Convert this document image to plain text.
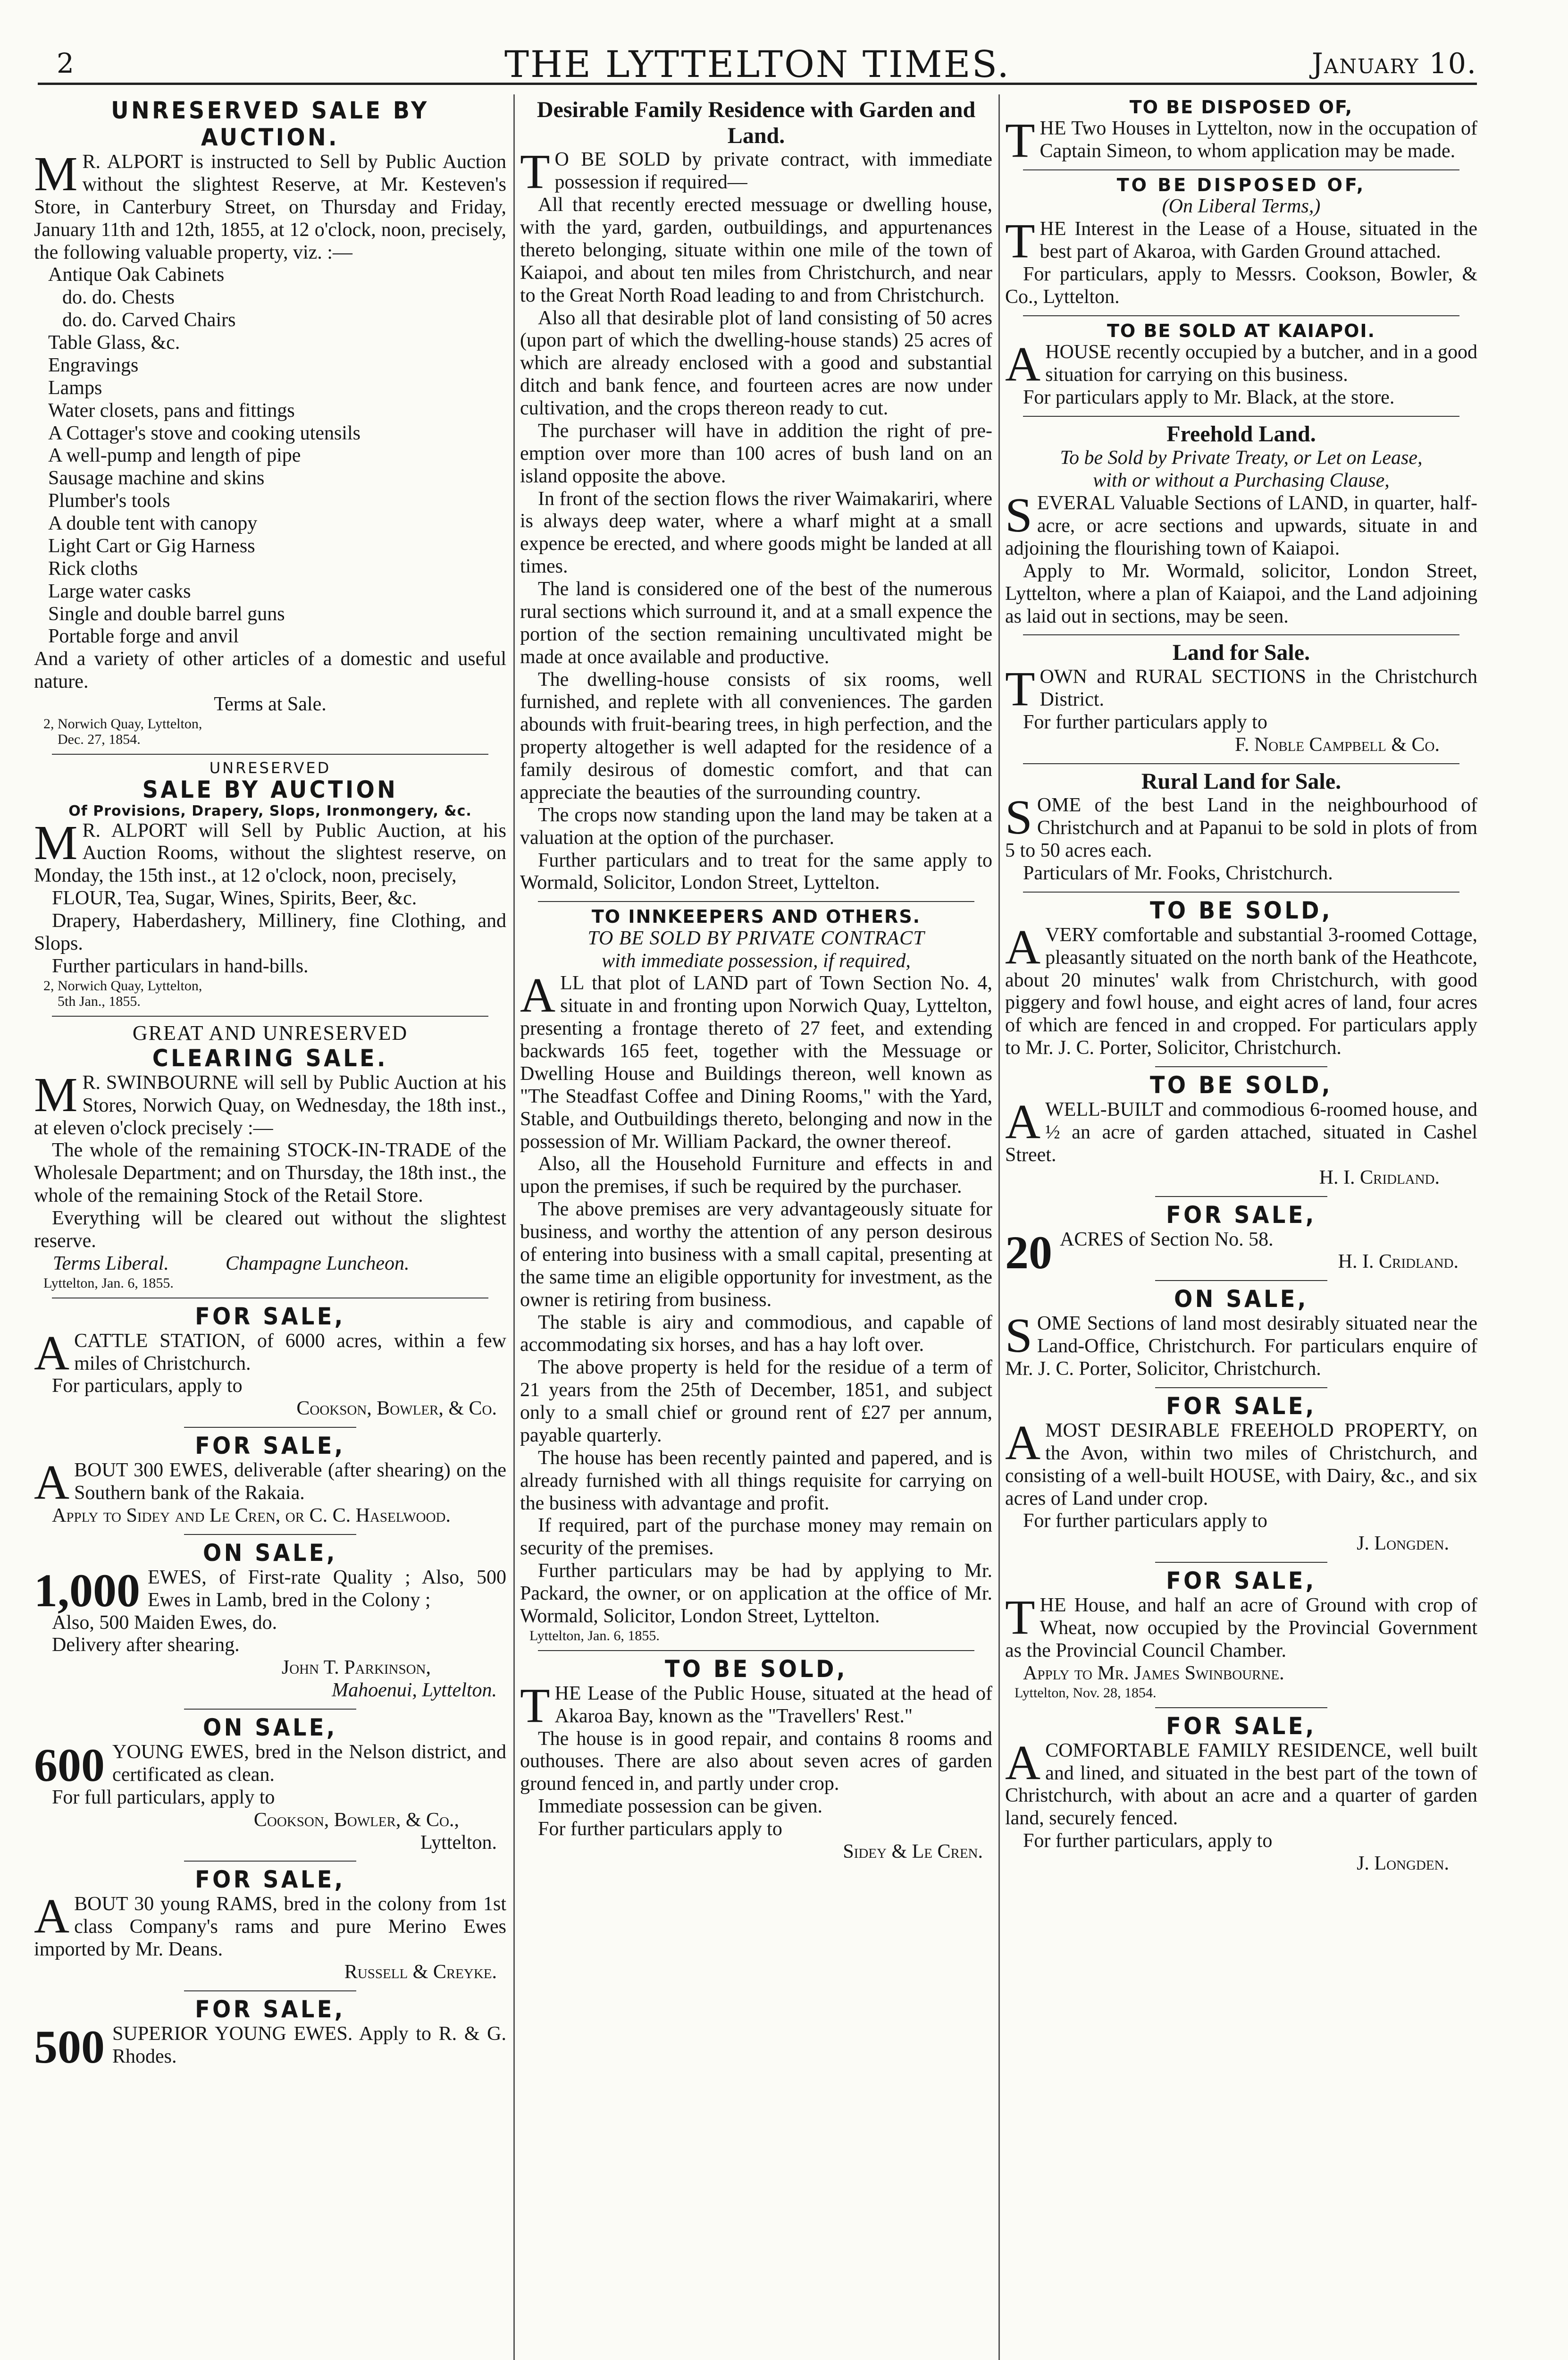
2	THE LYTTELTON TIMES.	January 10.
UNRESERVED SALE BY AUCTION.
M R. ALPORT is instructed to Sell by Public Auction without the slightest Reserve, at Mr. Kesteven's Store, in Canterbury Street, on Thursday and Friday, January 11th and 12th, 1855, at 12 o'clock, noon, precisely, the following valuable property, viz. :—

Antique Oak Cabinets
do. do. Chests
do. do. Carved Chairs
Table Glass, &c.
Engravings
Lamps
Water closets, pans and fittings
A Cottager's stove and cooking utensils
A well-pump and length of pipe
Sausage machine and skins
Plumber's tools
A double tent with canopy
Light Cart or Gig Harness
Rick cloths
Large water casks
Single and double barrel guns
Portable forge and anvil

And a variety of other articles of a domestic and useful nature.

Terms at Sale.
2, Norwich Quay, Lyttelton,
Dec. 27, 1854.
UNRESERVED
SALE BY AUCTION
Of Provisions, Drapery, Slops, Ironmongery, &c.
M R. ALPORT will Sell by Public Auction, at his Auction Rooms, without the slightest reserve, on Monday, the 15th inst., at 12 o'clock, noon, precisely,

FLOUR, Tea, Sugar, Wines, Spirits, Beer, &c.

Drapery, Haberdashery, Millinery, fine Clothing, and Slops.

Further particulars in hand-bills.

2, Norwich Quay, Lyttelton,
5th Jan., 1855.
GREAT AND UNRESERVED
CLEARING SALE.
M R. SWINBOURNE will sell by Public Auction at his Stores, Norwich Quay, on Wednesday, the 18th inst., at eleven o'clock precisely :—

The whole of the remaining STOCK-IN-TRADE of the Wholesale Department; and on Thursday, the 18th inst., the whole of the remaining Stock of the Retail Store.

Everything will be cleared out without the slightest reserve.

Terms Liberal.	Champagne Luncheon.
Lyttelton, Jan. 6, 1855.
FOR SALE,
A CATTLE STATION, of 6000 acres, within a few miles of Christchurch.

For particulars, apply to

Cookson, Bowler, & Co.
FOR SALE,
A BOUT 300 EWES, deliverable (after shearing) on the Southern bank of the Rakaia.

Apply to Sidey and Le Cren, or C. C. Haselwood.

ON SALE,
1,000 EWES, of First-rate Quality ; Also, 500 Ewes in Lamb, bred in the Colony ;

Also, 500 Maiden Ewes, do.

Delivery after shearing.

John T. Parkinson,
Mahoenui, Lyttelton.
ON SALE,
600 YOUNG EWES, bred in the Nelson district, and certificated as clean.

For full particulars, apply to

Cookson, Bowler, & Co.,
Lyttelton.
FOR SALE,
A BOUT 30 young RAMS, bred in the colony from 1st class Company's rams and pure Merino Ewes imported by Mr. Deans.

Russell & Creyke.
FOR SALE,
500 SUPERIOR YOUNG EWES. Apply to R. & G. Rhodes.

Desirable Family Residence with Garden and Land.
T O BE SOLD by private contract, with immediate possession if required—

All that recently erected messuage or dwelling house, with the yard, garden, outbuildings, and appurtenances thereto belonging, situate within one mile of the town of Kaiapoi, and about ten miles from Christchurch, and near to the Great North Road leading to and from Christchurch.

Also all that desirable plot of land consisting of 50 acres (upon part of which the dwelling-house stands) 25 acres of which are already enclosed with a good and substantial ditch and bank fence, and fourteen acres are now under cultivation, and the crops thereon ready to cut.

The purchaser will have in addition the right of pre-emption over more than 100 acres of bush land on an island opposite the above.

In front of the section flows the river Waimakariri, where is always deep water, where a wharf might at a small expence be erected, and where goods might be landed at all times.

The land is considered one of the best of the numerous rural sections which surround it, and at a small expence the portion of the section remaining uncultivated might be made at once available and productive.

The dwelling-house consists of six rooms, well furnished, and replete with all conveniences. The garden abounds with fruit-bearing trees, in high perfection, and the property altogether is well adapted for the residence of a family desirous of domestic comfort, and that can appreciate the beauties of the surrounding country.

The crops now standing upon the land may be taken at a valuation at the option of the purchaser.

Further particulars and to treat for the same apply to Wormald, Solicitor, London Street, Lyttelton.

TO INNKEEPERS AND OTHERS.
TO BE SOLD BY PRIVATE CONTRACT
with immediate possession, if required,
A LL that plot of LAND part of Town Section No. 4, situate in and fronting upon Norwich Quay, Lyttelton, presenting a frontage thereto of 27 feet, and extending backwards 165 feet, together with the Messuage or Dwelling House and Buildings thereon, well known as "The Steadfast Coffee and Dining Rooms," with the Yard, Stable, and Outbuildings thereto, belonging and now in the possession of Mr. William Packard, the owner thereof.

Also, all the Household Furniture and effects in and upon the premises, if such be required by the purchaser.

The above premises are very advantageously situate for business, and worthy the attention of any person desirous of entering into business with a small capital, presenting at the same time an eligible opportunity for investment, as the owner is retiring from business.

The stable is airy and commodious, and capable of accommodating six horses, and has a hay loft over.

The above property is held for the residue of a term of 21 years from the 25th of December, 1851, and subject only to a small chief or ground rent of £27 per annum, payable quarterly.

The house has been recently painted and papered, and is already furnished with all things requisite for carrying on the business with advantage and profit.

If required, part of the purchase money may remain on security of the premises.

Further particulars may be had by applying to Mr. Packard, the owner, or on application at the office of Mr. Wormald, Solicitor, London Street, Lyttelton.

Lyttelton, Jan. 6, 1855.
TO BE SOLD,
T HE Lease of the Public House, situated at the head of Akaroa Bay, known as the "Travellers' Rest."

The house is in good repair, and contains 8 rooms and outhouses. There are also about seven acres of garden ground fenced in, and partly under crop.

Immediate possession can be given.

For further particulars apply to

Sidey & Le Cren.
TO BE DISPOSED OF,
T HE Two Houses in Lyttelton, now in the occupation of Captain Simeon, to whom application may be made.

TO BE DISPOSED OF,
(On Liberal Terms,)
T HE Interest in the Lease of a House, situated in the best part of Akaroa, with Garden Ground attached.

For particulars, apply to Messrs. Cookson, Bowler, & Co., Lyttelton.

TO BE SOLD AT KAIAPOI.
A HOUSE recently occupied by a butcher, and in a good situation for carrying on this business.

For particulars apply to Mr. Black, at the store.

Freehold Land.
To be Sold by Private Treaty, or Let on Lease,
with or without a Purchasing Clause,
S EVERAL Valuable Sections of LAND, in quarter, half-acre, or acre sections and upwards, situate in and adjoining the flourishing town of Kaiapoi.

Apply to Mr. Wormald, solicitor, London Street, Lyttelton, where a plan of Kaiapoi, and the Land adjoining as laid out in sections, may be seen.

Land for Sale.
T OWN and RURAL SECTIONS in the Christchurch District.

For further particulars apply to

F. Noble Campbell & Co.
Rural Land for Sale.
S OME of the best Land in the neighbourhood of Christchurch and at Papanui to be sold in plots of from 5 to 50 acres each.

Particulars of Mr. Fooks, Christchurch.

TO BE SOLD,
A VERY comfortable and substantial 3-roomed Cottage, pleasantly situated on the north bank of the Heathcote, about 20 minutes' walk from Christchurch, with good piggery and fowl house, and eight acres of land, four acres of which are fenced in and cropped. For particulars apply to Mr. J. C. Porter, Solicitor, Christchurch.

TO BE SOLD,
A WELL-BUILT and commodious 6-roomed house, and ½ an acre of garden attached, situated in Cashel Street.

H. I. Cridland.
FOR SALE,
20 ACRES of Section No. 58.

H. I. Cridland.
ON SALE,
S OME Sections of land most desirably situated near the Land-Office, Christchurch. For particulars enquire of Mr. J. C. Porter, Solicitor, Christchurch.

FOR SALE,
A MOST DESIRABLE FREEHOLD PROPERTY, on the Avon, within two miles of Christchurch, and consisting of a well-built HOUSE, with Dairy, &c., and six acres of Land under crop.

For further particulars apply to

J. Longden.
FOR SALE,
T HE House, and half an acre of Ground with crop of Wheat, now occupied by the Provincial Government as the Provincial Council Chamber.

Apply to Mr. James Swinbourne.

Lyttelton, Nov. 28, 1854.
FOR SALE,
A COMFORTABLE FAMILY RESIDENCE, well built and lined, and situated in the best part of the town of Christchurch, with about an acre and a quarter of garden land, securely fenced.

For further particulars, apply to

J. Longden.
